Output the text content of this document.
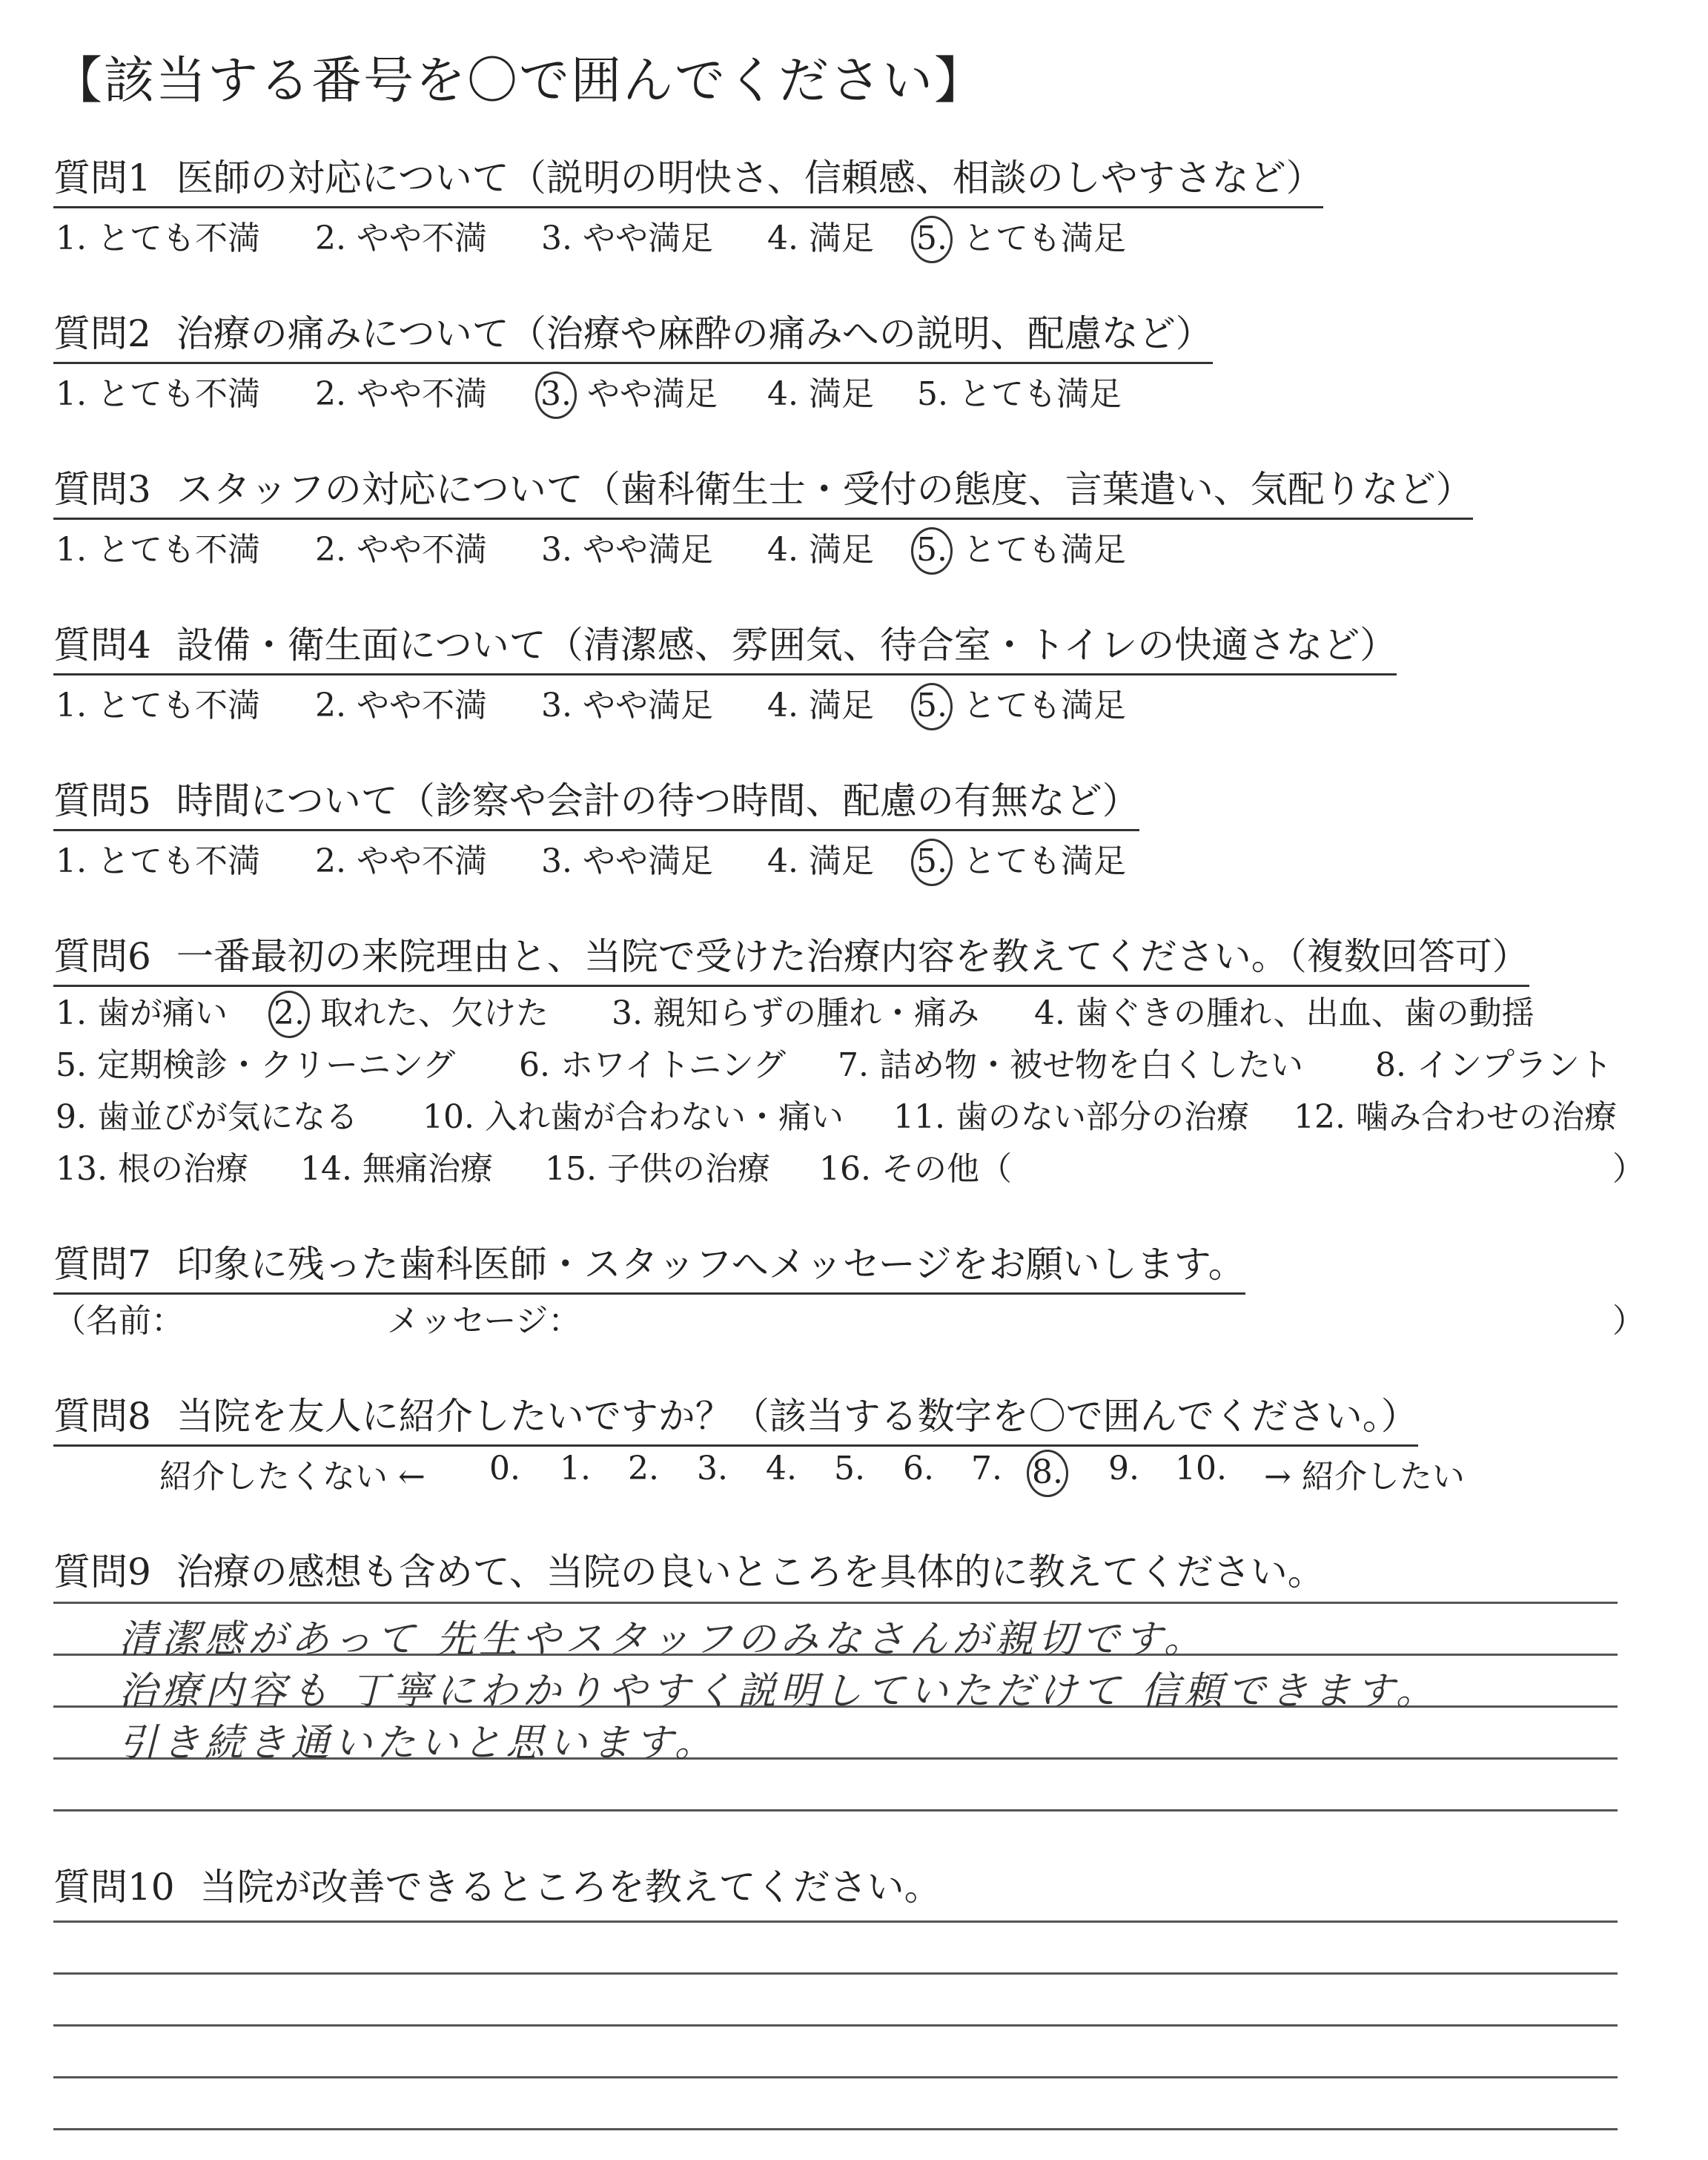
【該当する番号を〇で囲んでください】
質問1 医師の対応について（説明の明快さ、信頼感、相談のしやすさなど）
1. とても不満 2. やや不満 3. やや満足 4. 満足 5. とても満足
質問2 治療の痛みについて（治療や麻酔の痛みへの説明、配慮など）
1. とても不満 2. やや不満 3. やや満足 4. 満足 5. とても満足
質問3 スタッフの対応について（歯科衛生士・受付の態度、言葉遣い、気配りなど）
1. とても不満 2. やや不満 3. やや満足 4. 満足 5. とても満足
質問4 設備・衛生面について（清潔感、雰囲気、待合室・トイレの快適さなど）
1. とても不満 2. やや不満 3. やや満足 4. 満足 5. とても満足
質問5 時間について（診察や会計の待つ時間、配慮の有無など）
1. とても不満 2. やや不満 3. やや満足 4. 満足 5. とても満足
質問6 一番最初の来院理由と、当院で受けた治療内容を教えてください。（複数回答可）
1. 歯が痛い 2. 取れた、欠けた 3. 親知らずの腫れ・痛み 4. 歯ぐきの腫れ、出血、歯の動揺
5. 定期検診・クリーニング 6. ホワイトニング 7. 詰め物・被せ物を白くしたい 8. インプラント
9. 歯並びが気になる 10. 入れ歯が合わない・痛い 11. 歯のない部分の治療 12. 噛み合わせの治療
13. 根の治療 14. 無痛治療 15. 子供の治療 16. その他（	）
質問7 印象に残った歯科医師・スタッフへメッセージをお願いします。
（名前：	メッセージ：	）
質問8 当院を友人に紹介したいですか？（該当する数字を〇で囲んでください。）
紹介したくない ← 0. 1. 2. 3. 4. 5. 6. 7. 8. 9. 10. → 紹介したい
質問9 治療の感想も含めて、当院の良いところを具体的に教えてください。
清潔感があって 先生やスタッフのみなさんが親切です。
治療内容も 丁寧にわかりやすく説明していただけて 信頼できます。
引き続き通いたいと思います。
質問10 当院が改善できるところを教えてください。
